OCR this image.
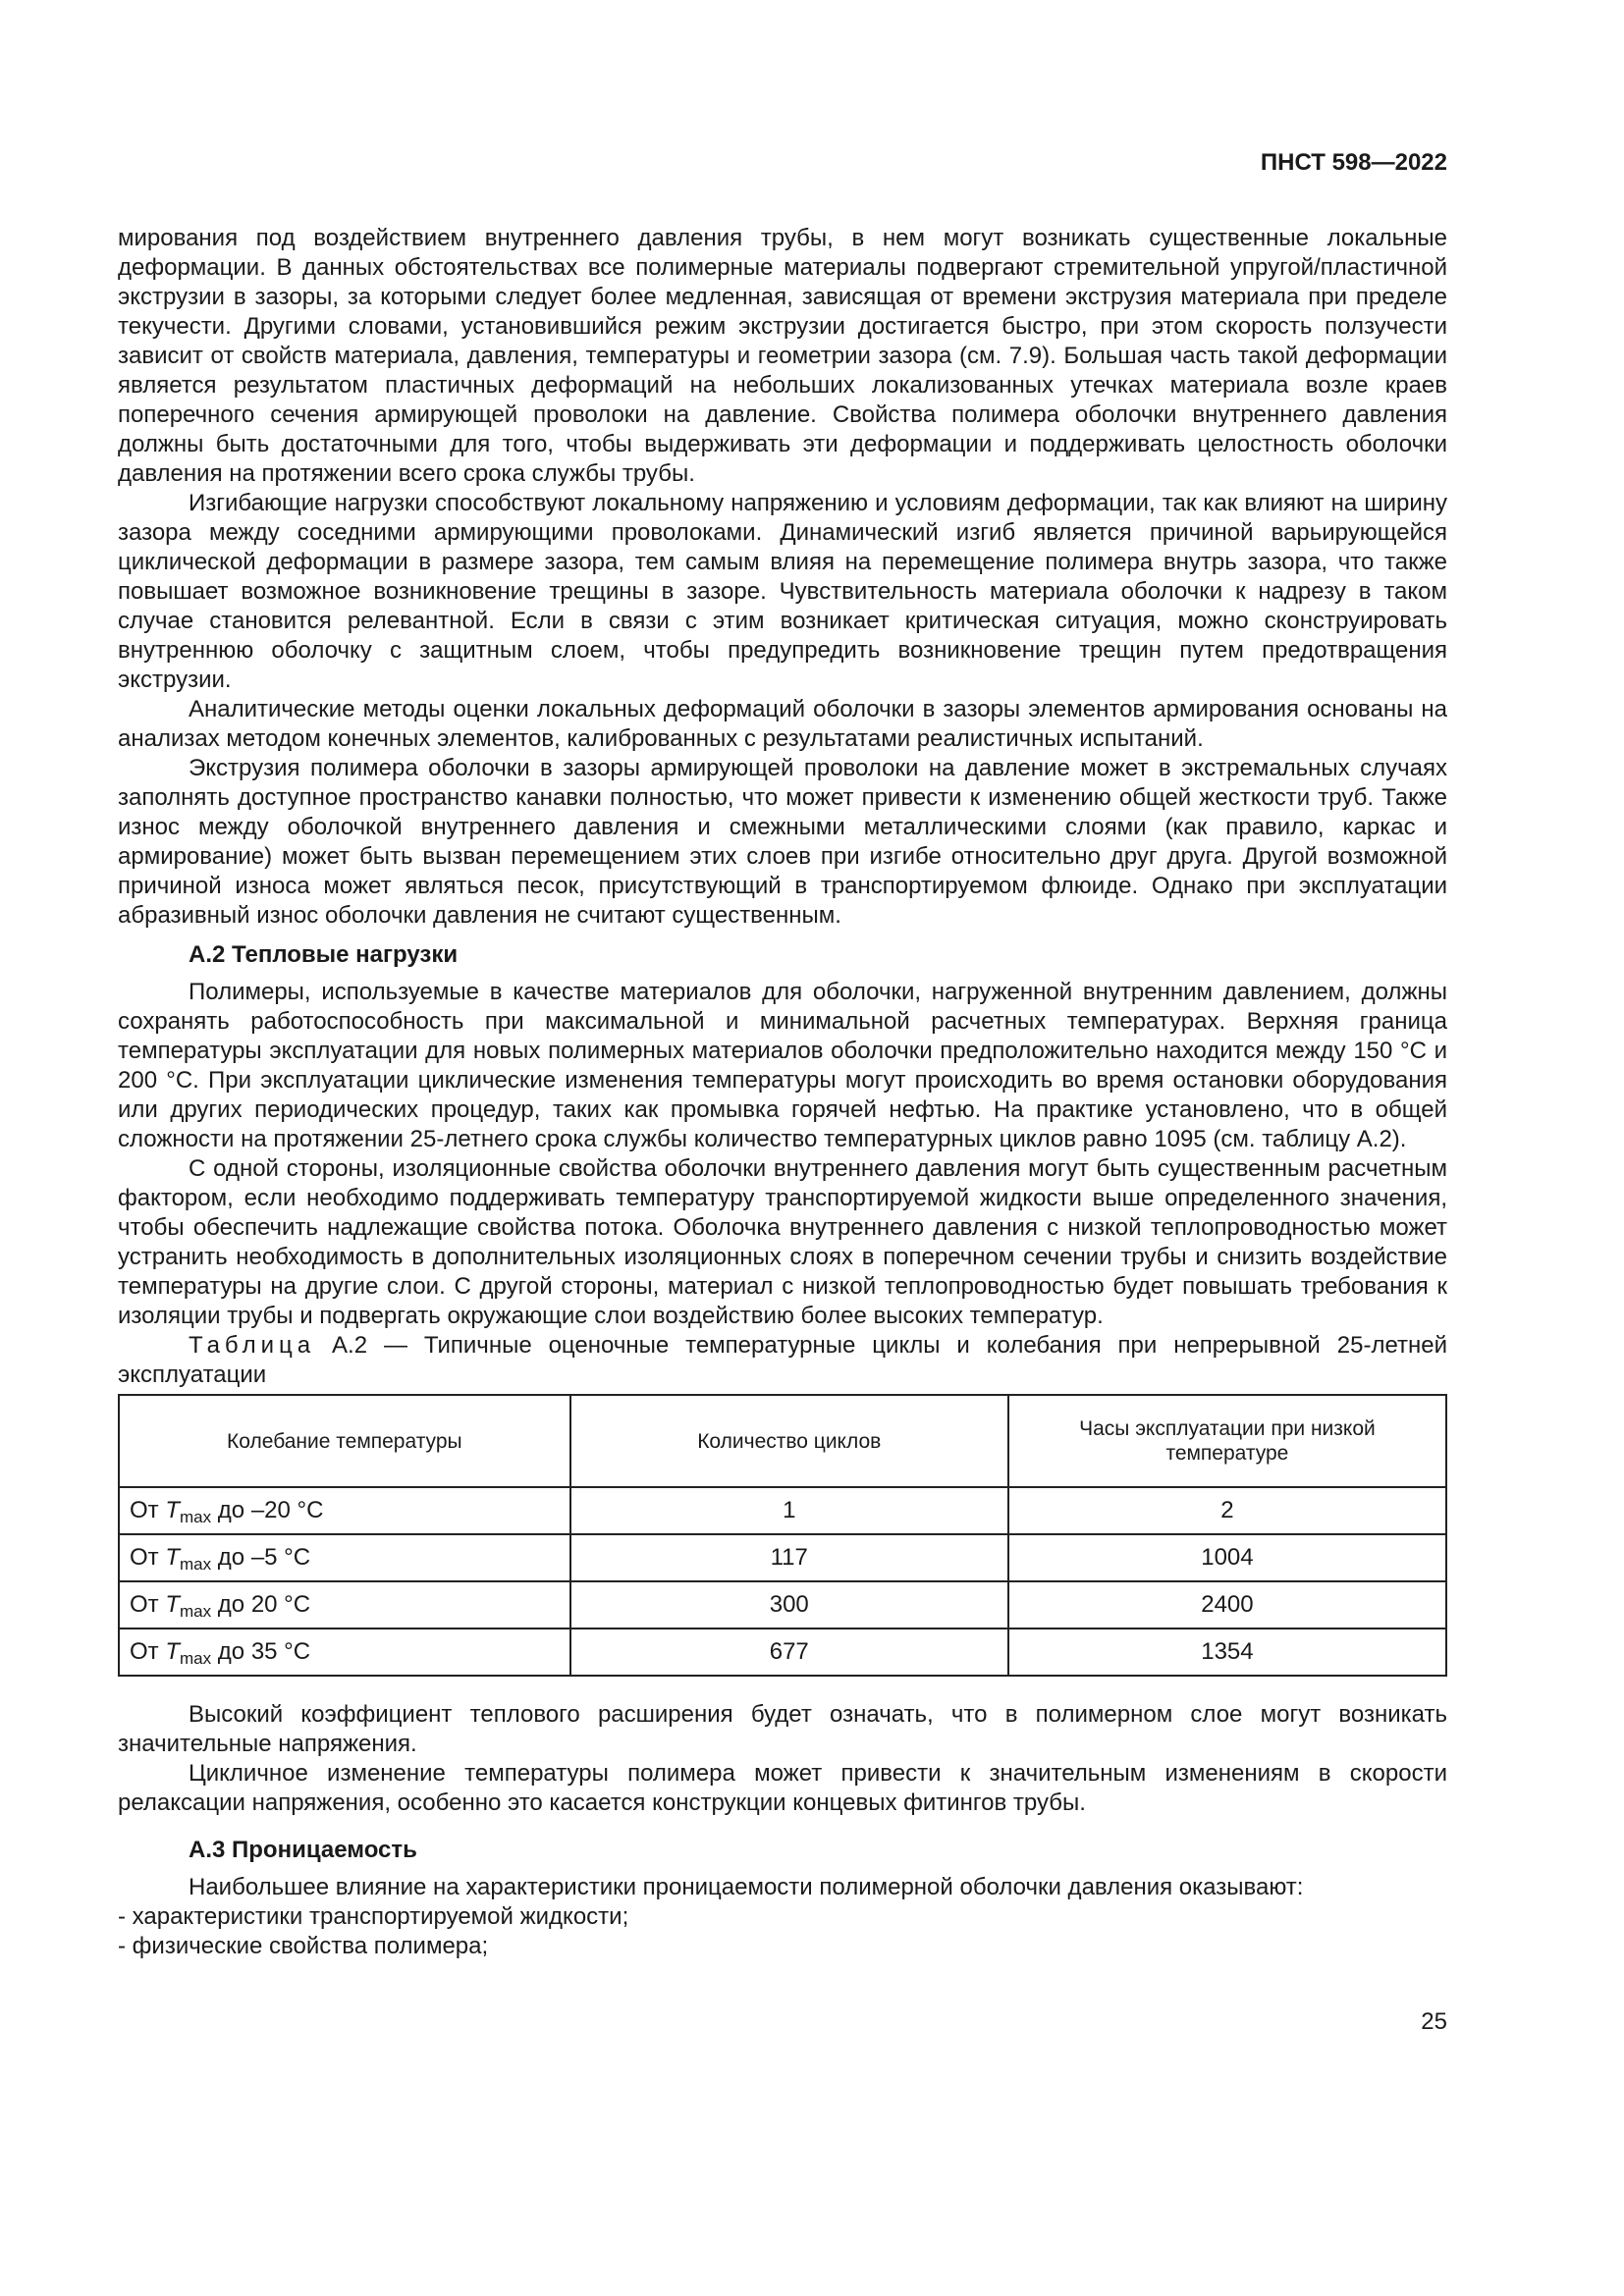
ПНСТ 598—2022

мирования под воздействием внутреннего давления трубы, в нем могут возникать существенные локальные деформации. В данных обстоятельствах все полимерные материалы подвергают стремительной упругой/пластичной экструзии в зазоры, за которыми следует более медленная, зависящая от времени экструзия материала при пределе текучести. Другими словами, установившийся режим экструзии достигается быстро, при этом скорость ползучести зависит от свойств материала, давления, температуры и геометрии зазора (см. 7.9). Большая часть такой деформации является результатом пластичных деформаций на небольших локализованных утечках материала возле краев поперечного сечения армирующей проволоки на давление. Свойства полимера оболочки внутреннего давления должны быть достаточными для того, чтобы выдерживать эти деформации и поддерживать целостность оболочки давления на протяжении всего срока службы трубы.

Изгибающие нагрузки способствуют локальному напряжению и условиям деформации, так как влияют на ширину зазора между соседними армирующими проволоками. Динамический изгиб является причиной варьирующейся циклической деформации в размере зазора, тем самым влияя на перемещение полимера внутрь зазора, что также повышает возможное возникновение трещины в зазоре. Чувствительность материала оболочки к надрезу в таком случае становится релевантной. Если в связи с этим возникает критическая ситуация, можно сконструировать внутреннюю оболочку с защитным слоем, чтобы предупредить возникновение трещин путем предотвращения экструзии.

Аналитические методы оценки локальных деформаций оболочки в зазоры элементов армирования основаны на анализах методом конечных элементов, калиброванных с результатами реалистичных испытаний.

Экструзия полимера оболочки в зазоры армирующей проволоки на давление может в экстремальных случаях заполнять доступное пространство канавки полностью, что может привести к изменению общей жесткости труб. Также износ между оболочкой внутреннего давления и смежными металлическими слоями (как правило, каркас и армирование) может быть вызван перемещением этих слоев при изгибе относительно друг друга. Другой возможной причиной износа может являться песок, присутствующий в транспортируемом флюиде. Однако при эксплуатации абразивный износ оболочки давления не считают существенным.

А.2 Тепловые нагрузки

Полимеры, используемые в качестве материалов для оболочки, нагруженной внутренним давлением, должны сохранять работоспособность при максимальной и минимальной расчетных температурах. Верхняя граница температуры эксплуатации для новых полимерных материалов оболочки предположительно находится между 150 °С и 200 °С. При эксплуатации циклические изменения температуры могут происходить во время остановки оборудования или других периодических процедур, таких как промывка горячей нефтью. На практике установлено, что в общей сложности на протяжении 25-летнего срока службы количество температурных циклов равно 1095 (см. таблицу А.2).

С одной стороны, изоляционные свойства оболочки внутреннего давления могут быть существенным расчетным фактором, если необходимо поддерживать температуру транспортируемой жидкости выше определенного значения, чтобы обеспечить надлежащие свойства потока. Оболочка внутреннего давления с низкой теплопроводностью может устранить необходимость в дополнительных изоляционных слоях в поперечном сечении трубы и снизить воздействие температуры на другие слои. С другой стороны, материал с низкой теплопроводностью будет повышать требования к изоляции трубы и подвергать окружающие слои воздействию более высоких температур.

Таблица А.2 — Типичные оценочные температурные циклы и колебания при непрерывной 25-летней эксплуатации

Колебание температуры	Количество циклов	Часы эксплуатации при низкой температуре
От $T_{max}$ до –20 °С	1	2
От $T_{max}$ до –5 °С	117	1004
От $T_{max}$ до 20 °С	300	2400
От $T_{max}$ до 35 °С	677	1354

Высокий коэффициент теплового расширения будет означать, что в полимерном слое могут возникать значительные напряжения.

Цикличное изменение температуры полимера может привести к значительным изменениям в скорости релаксации напряжения, особенно это касается конструкции концевых фитингов трубы.

А.3 Проницаемость

Наибольшее влияние на характеристики проницаемости полимерной оболочки давления оказывают:

- характеристики транспортируемой жидкости;

- физические свойства полимера;

25
